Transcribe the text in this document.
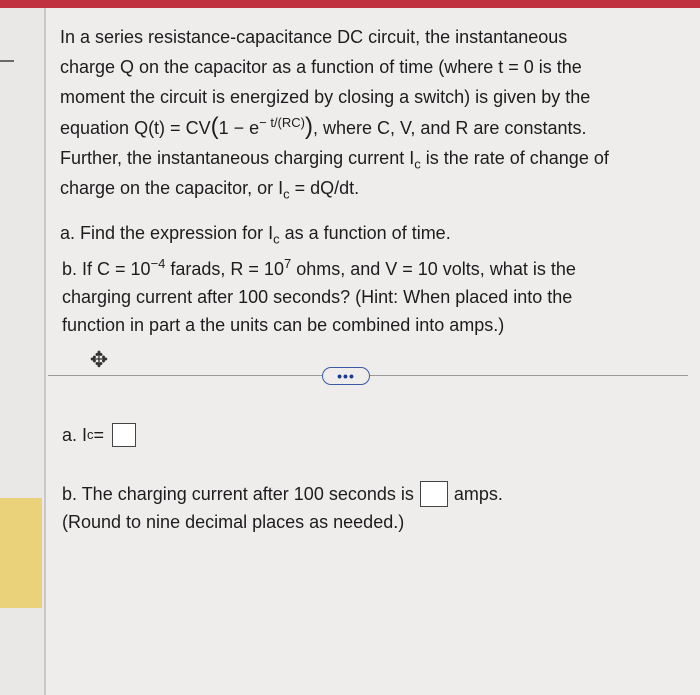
In a series resistance-capacitance DC circuit, the instantaneous

charge Q on the capacitor as a function of time (where t = 0 is the

moment the circuit is energized by closing a switch) is given by the

equation $Q(t) = CV(1 - e^{- t/(RC)})$, where C, V, and R are constants.

Further, the instantaneous charging current $I_c$ is the rate of change of

charge on the capacitor, or $I_c = dQ/dt$.

a. Find the expression for $I_c$ as a function of time.
b. If $C = 10^{-4}$ farads, $R = 10^7$ ohms, and V = 10 volts, what is the
charging current after 100 seconds? (Hint: When placed into the
function in part a the units can be combined into amps.)
✥
•••
a. I c =
b. The charging current after 100 seconds is amps.
(Round to nine decimal places as needed.)
